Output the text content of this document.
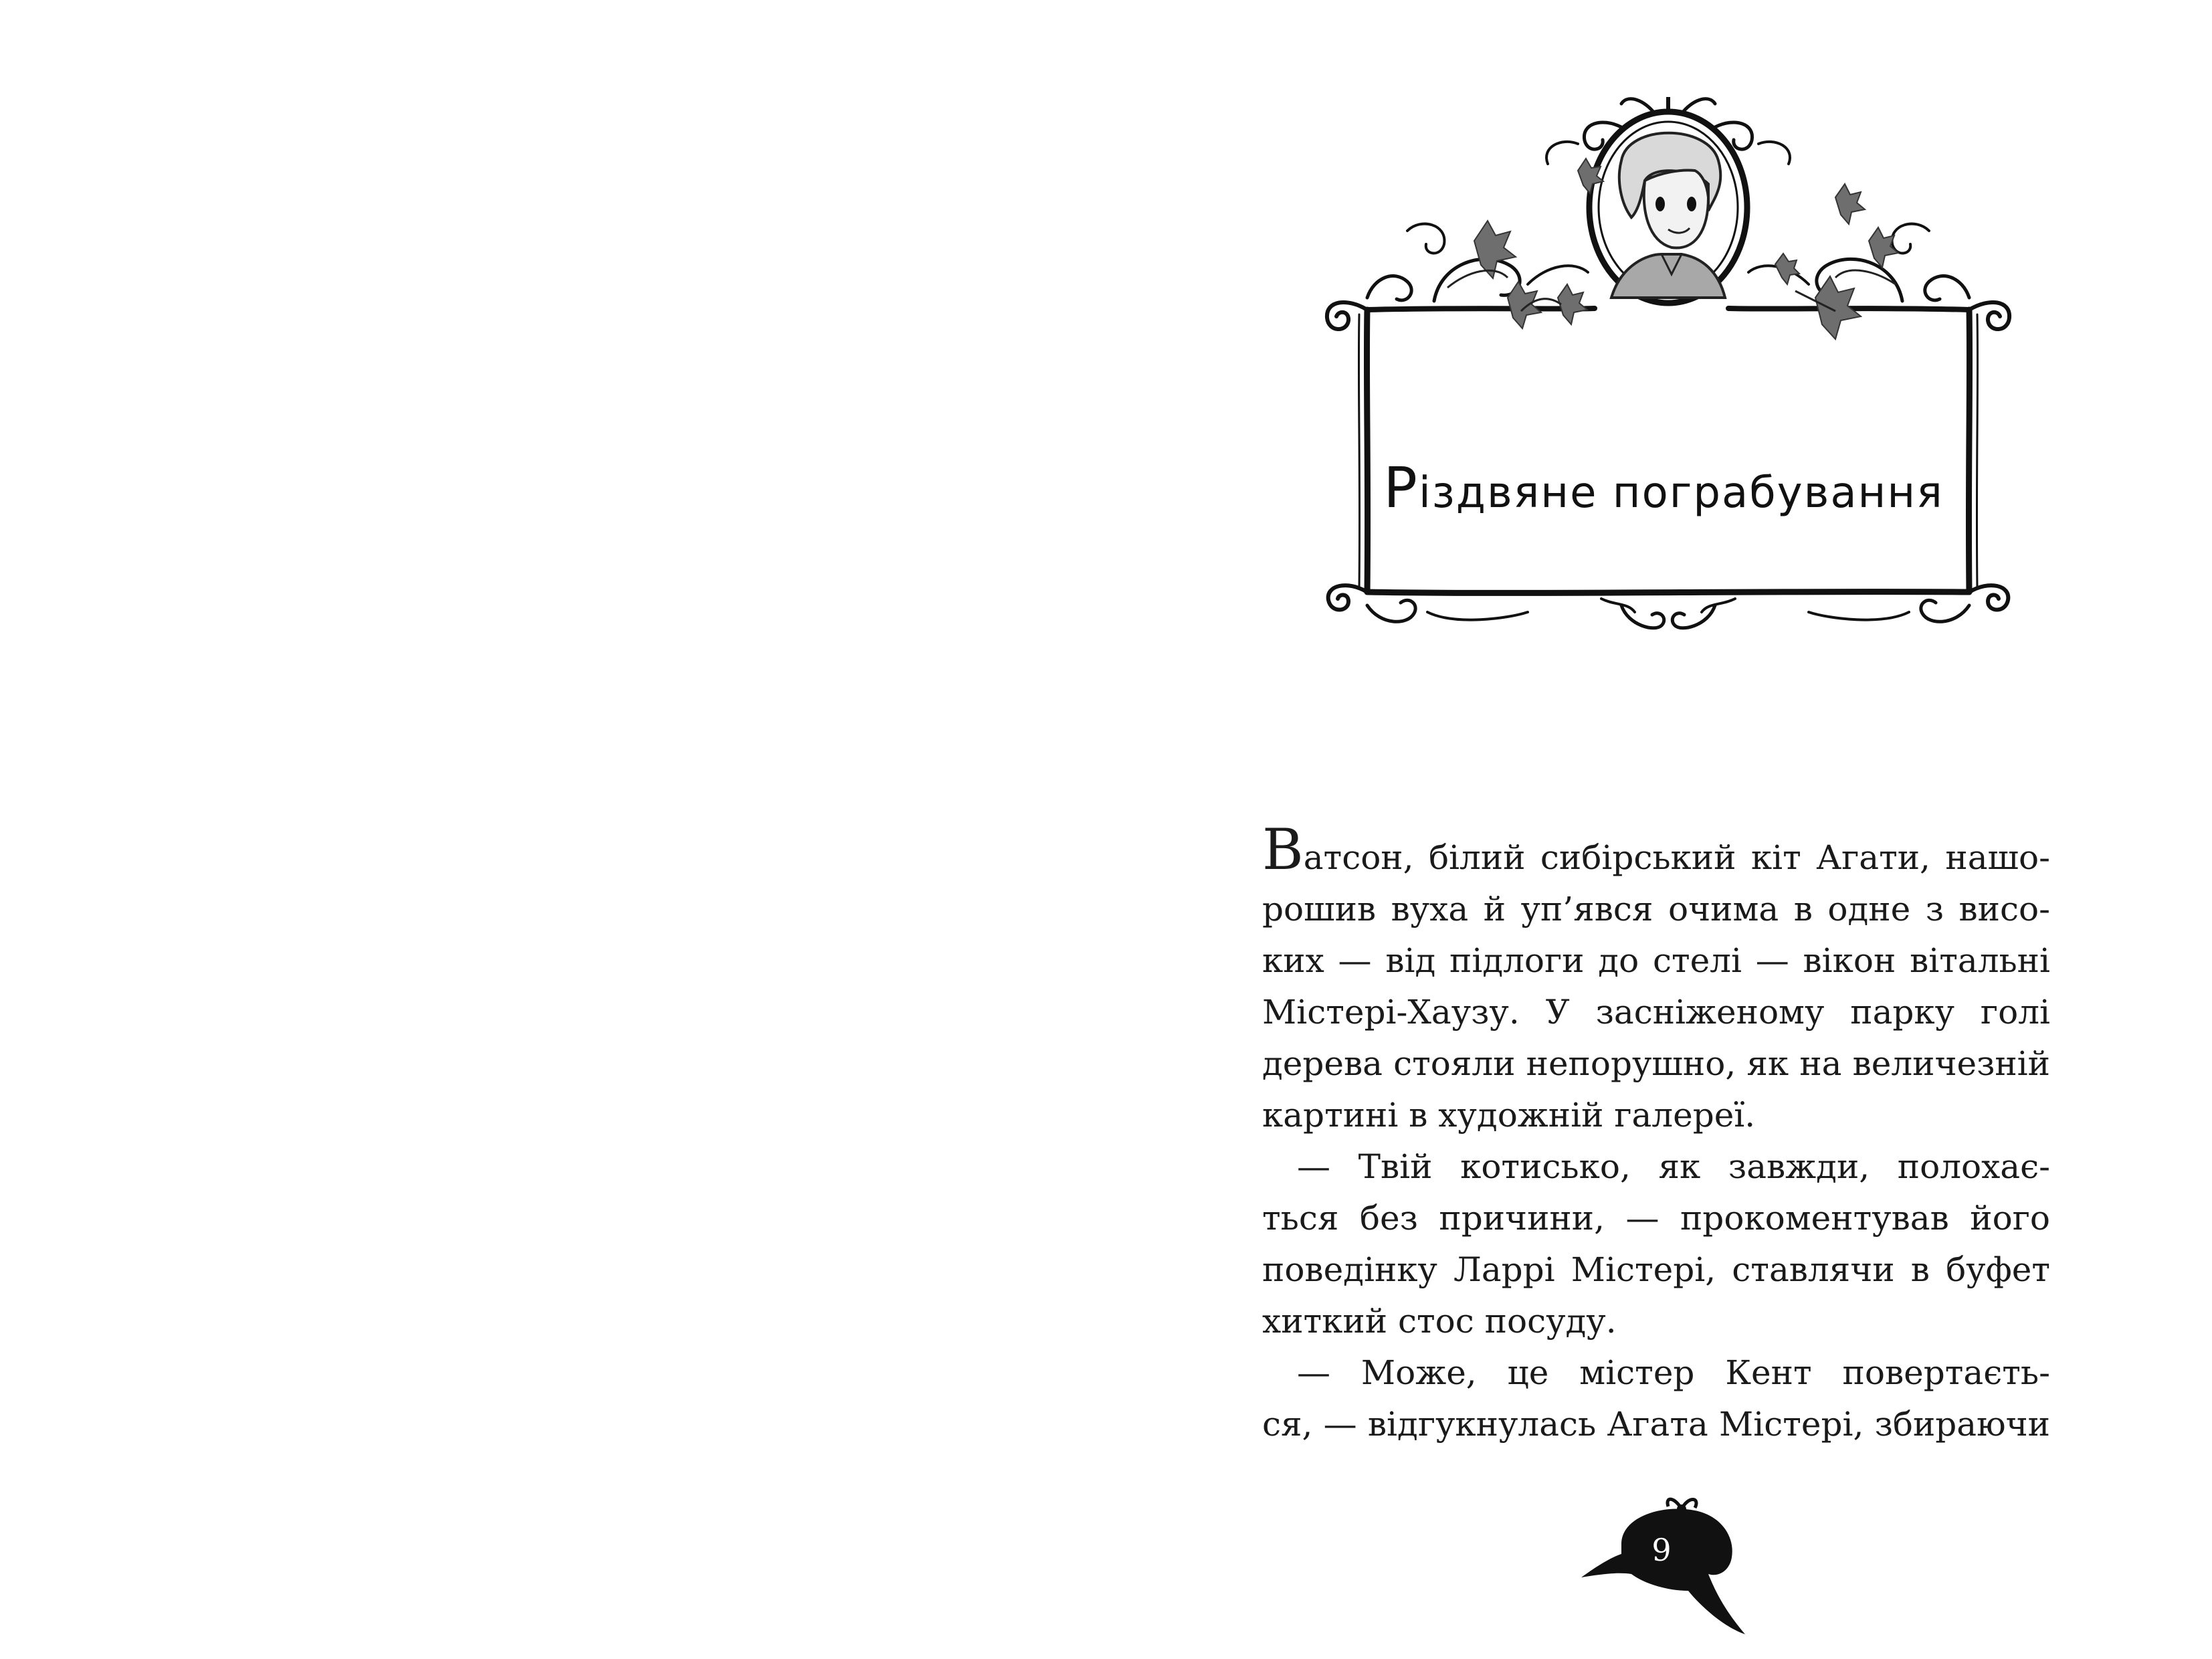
Різдвяне пограбування
Ватсон, білий сибірський кіт Агати, нашо-
рошив вуха й уп’явся очима в одне з висо-
ких — від підлоги до стелі — вікон вітальні
Містері-Хаузу. У засніженому парку голі
дерева стояли непорушно, як на величезній
картині в художній галереї.
— Твій котисько, як завжди, полохає-
ться без причини, — прокоментував його
поведінку Ларрі Містері, ставлячи в буфет
хиткий стос посуду.
— Може, це містер Кент повертаєть-
ся, — відгукнулась Агата Містері, збираючи
9
